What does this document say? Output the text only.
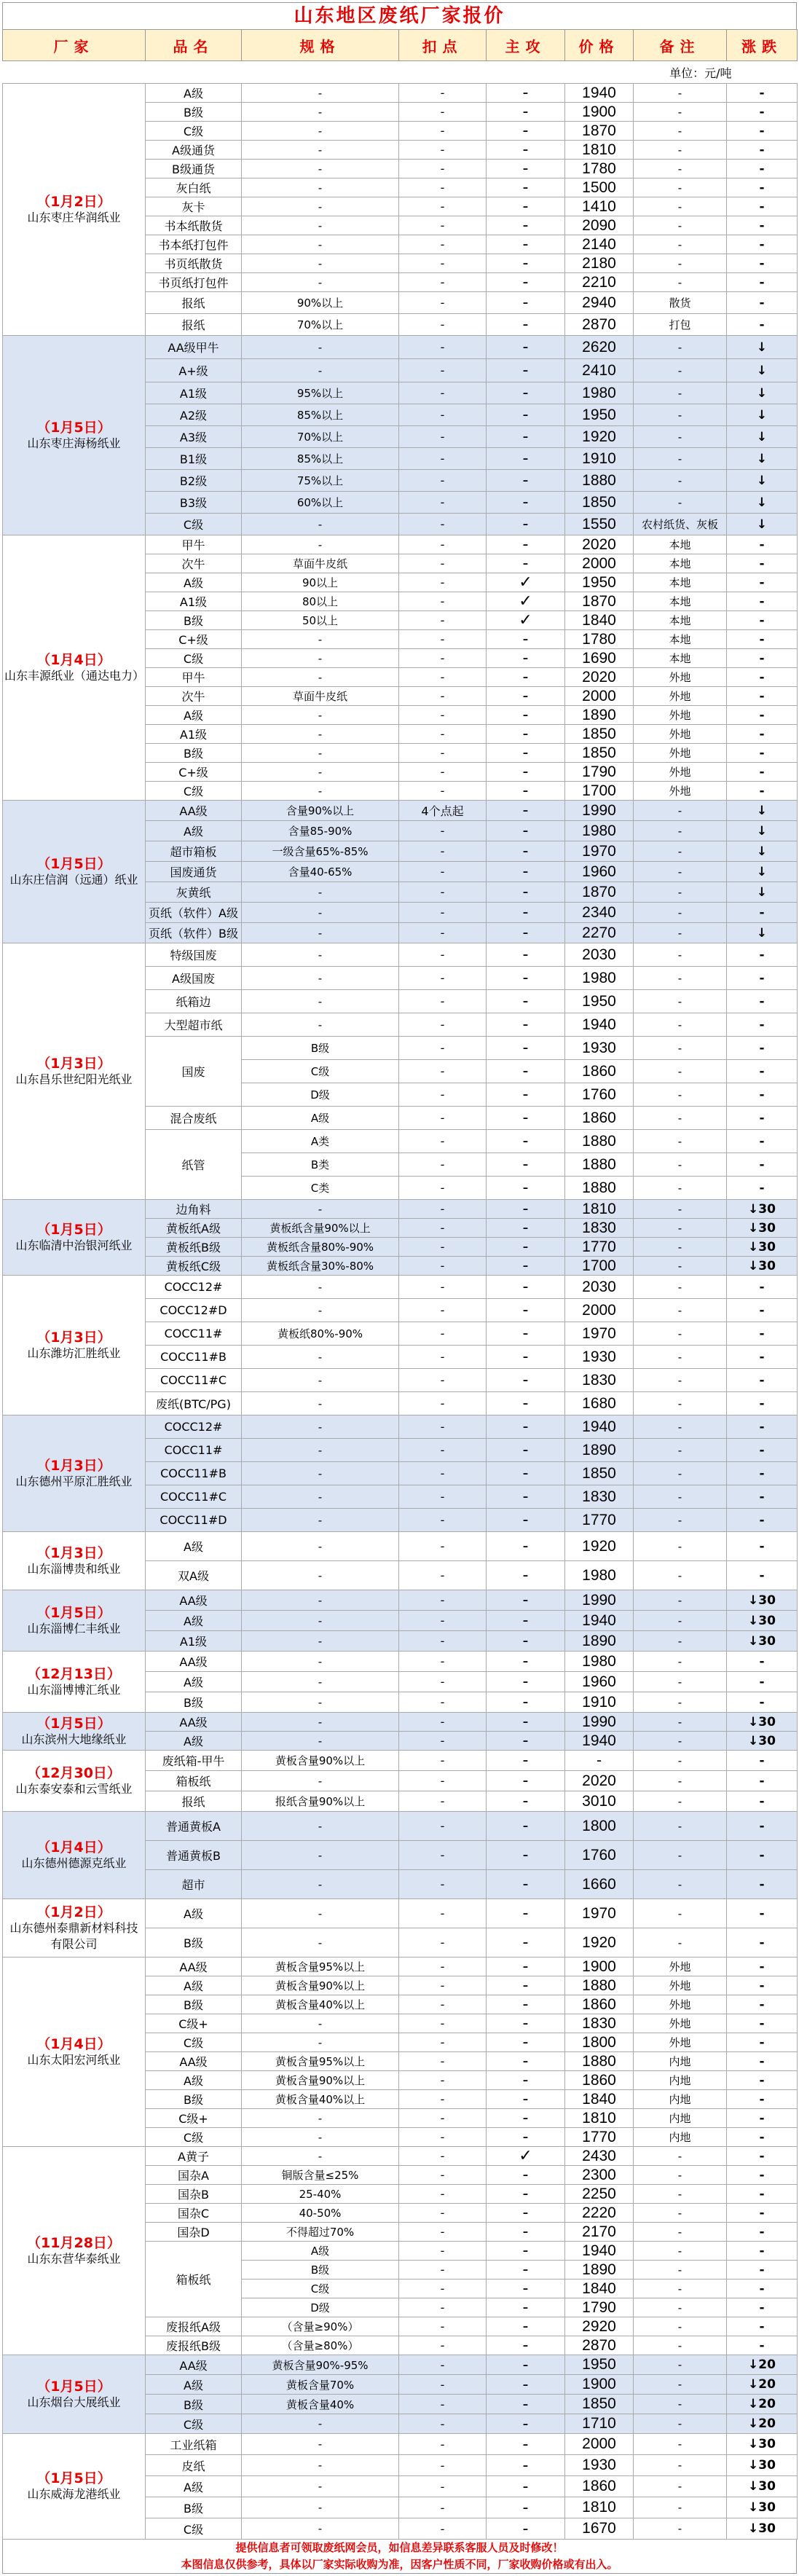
山东地区废纸厂家报价
厂家	品名	规格	扣点	主攻	价格	备注	涨跌
单位：元/吨							

（1月2日）
山东枣庄华润纸业	A级	-	-	-	1940	-	-
	B级	-	-	-	1900	-	-
	C级	-	-	-	1870	-	-
	A级通货	-	-	-	1810	-	-
	B级通货	-	-	-	1780	-	-
	灰白纸	-	-	-	1500	-	-
	灰卡	-	-	-	1410	-	-
	书本纸散货	-	-	-	2090	-	-
	书本纸打包件	-	-	-	2140	-	-
	书页纸散货	-	-	-	2180	-	-
	书页纸打包件	-	-	-	2210	-	-
	报纸	90%以上	-	-	2940	散货	-
	报纸	70%以上	-	-	2870	打包	-

（1月5日）
山东枣庄海杨纸业	AA级甲牛	-	-	-	2620	-	↓
	A+级	-	-	-	2410	-	↓
	A1级	95%以上	-	-	1980	-	↓
	A2级	85%以上	-	-	1950	-	↓
	A3级	70%以上	-	-	1920	-	↓
	B1级	85%以上	-	-	1910	-	↓
	B2级	75%以上	-	-	1880	-	↓
	B3级	60%以上	-	-	1850	-	↓
	C级	-	-	-	1550	农村纸货、灰板	↓

（1月4日）
山东丰源纸业（通达电力）	甲牛	-	-	-	2020	本地	-
	次牛	草面牛皮纸	-	-	2000	本地	-
	A级	90以上	-	✓	1950	本地	-
	A1级	80以上	-	✓	1870	本地	-
	B级	50以上	-	✓	1840	本地	-
	C+级	-	-	-	1780	本地	-
	C级	-	-	-	1690	本地	-
	甲牛	-	-	-	2020	外地	-
	次牛	草面牛皮纸	-	-	2000	外地	-
	A级	-	-	-	1890	外地	-
	A1级	-	-	-	1850	外地	-
	B级	-	-	-	1850	外地	-
	C+级	-	-	-	1790	外地	-
	C级	-	-	-	1700	外地	-

（1月5日）
山东庄信润（远通）纸业	AA级	含量90%以上	4个点起	-	1990	-	↓
	A级	含量85-90%	-	-	1980	-	↓
	超市箱板	一级含量65%-85%	-	-	1970	-	↓
	国废通货	含量40-65%	-	-	1960	-	↓
	灰黄纸	-	-	-	1870	-	↓
	页纸（软件）A级	-	-	-	2340	-	-
	页纸（软件）B级	-	-	-	2270	-	↓

（1月3日）
山东昌乐世纪阳光纸业	特级国废	-	-	-	2030	-	-
	A级国废	-	-	-	1980	-	-
	纸箱边	-	-	-	1950	-	-
	大型超市纸	-	-	-	1940	-	-
	国废	B级	-	-	1930	-	-
		C级	-	-	1860	-	-
		D级	-	-	1760	-	-
	混合废纸	A级	-	-	1860	-	-
	纸管	A类	-	-	1880	-	-
		B类	-	-	1880	-	-
		C类	-	-	1880	-	-

（1月5日）
山东临清中治银河纸业	边角料	-	-	-	1810	-	↓30
	黄板纸A级	黄板纸含量90%以上	-	-	1830	-	↓30
	黄板纸B级	黄板纸含量80%-90%	-	-	1770	-	↓30
	黄板纸C级	黄板纸含量30%-80%	-	-	1700	-	↓30

（1月3日）
山东潍坊汇胜纸业	COCC12#	-	-	-	2030	-	-
	COCC12#D	-	-	-	2000	-	-
	COCC11#	黄板纸80%-90%	-	-	1970	-	-
	COCC11#B	-	-	-	1930	-	-
	COCC11#C	-	-	-	1830	-	-
	废纸(BTC/PG)	-	-	-	1680	-	-

（1月3日）
山东德州平原汇胜纸业	COCC12#	-	-	-	1940	-	-
	COCC11#	-	-	-	1890	-	-
	COCC11#B	-	-	-	1850	-	-
	COCC11#C	-	-	-	1830	-	-
	COCC11#D	-	-	-	1770	-	-

（1月3日）
山东淄博贵和纸业	A级	-	-	-	1920	-	-
	双A级	-	-	-	1980	-	-

（1月5日）
山东淄博仁丰纸业	AA级	-	-	-	1990	-	↓30
	A级	-	-	-	1940	-	↓30
	A1级	-	-	-	1890	-	↓30

（12月13日）
山东淄博博汇纸业	AA级	-	-	-	1980	-	-
	A级	-	-	-	1960	-	-
	B级	-	-	-	1910	-	-

（1月5日）
山东滨州大地缘纸业	AA级	-	-	-	1990	-	↓30
	A级	-	-	-	1940	-	↓30

（12月30日）
山东泰安泰和云雪纸业	废纸箱-甲牛	黄板含量90%以上	-	-	-	-	-
	箱板纸	-	-	-	2020	-	-
	报纸	报纸含量90%以上	-	-	3010	-	-

（1月4日）
山东德州德源克纸业	普通黄板A	-	-	-	1800	-	-
	普通黄板B	-	-	-	1760	-	-
	超市	-	-	-	1660	-	-

（1月2日）
山东德州泰鼎新材料科技有限公司	A级	-	-	-	1970	-	-
	B级	-	-	-	1920	-	-

（1月4日）
山东太阳宏河纸业	AA级	黄板含量95%以上	-	-	1900	外地	-
	A级	黄板含量90%以上	-	-	1880	外地	-
	B级	黄板含量40%以上	-	-	1860	外地	-
	C级+	-	-	-	1830	外地	-
	C级	-	-	-	1800	外地	-
	AA级	黄板含量95%以上	-	-	1880	内地	-
	A级	黄板含量90%以上	-	-	1860	内地	-
	B级	黄板含量40%以上	-	-	1840	内地	-
	C级+	-	-	-	1810	内地	-
	C级	-	-	-	1770	内地	-

（11月28日）
山东东营华泰纸业	A黄子	-	-	✓	2430	-	-
	国杂A	铜版含量≤25%	-	-	2300	-	-
	国杂B	25-40%	-	-	2250	-	-
	国杂C	40-50%	-	-	2220	-	-
	国杂D	不得超过70%	-	-	2170	-	-
	箱板纸	A级	-	-	1940	-	-
		B级	-	-	1890	-	-
		C级	-	-	1840	-	-
		D级	-	-	1790	-	-
	废报纸A级	（含量≥90%）	-	-	2920	-	-
	废报纸B级	（含量≥80%）	-	-	2870	-	-

（1月5日）
山东烟台大展纸业	AA级	黄板含量90%-95%	-	-	1950	-	↓20
	A级	黄板含量70%	-	-	1900	-	↓20
	B级	黄板含量40%	-	-	1850	-	↓20
	C级	-	-	-	1710	-	↓20

（1月5日）
山东威海龙港纸业	工业纸箱	-	-	-	2000	-	↓30
	皮纸	-	-	-	1930	-	↓30
	A级	-	-	-	1860	-	↓30
	B级	-	-	-	1810	-	↓30
	C级	-	-	-	1670	-	↓30
提供信息者可领取废纸网会员，如信息差异联系客服人员及时修改！
本图信息仅供参考，具体以厂家实际收购为准，因客户性质不同，厂家收购价格或有出入。
